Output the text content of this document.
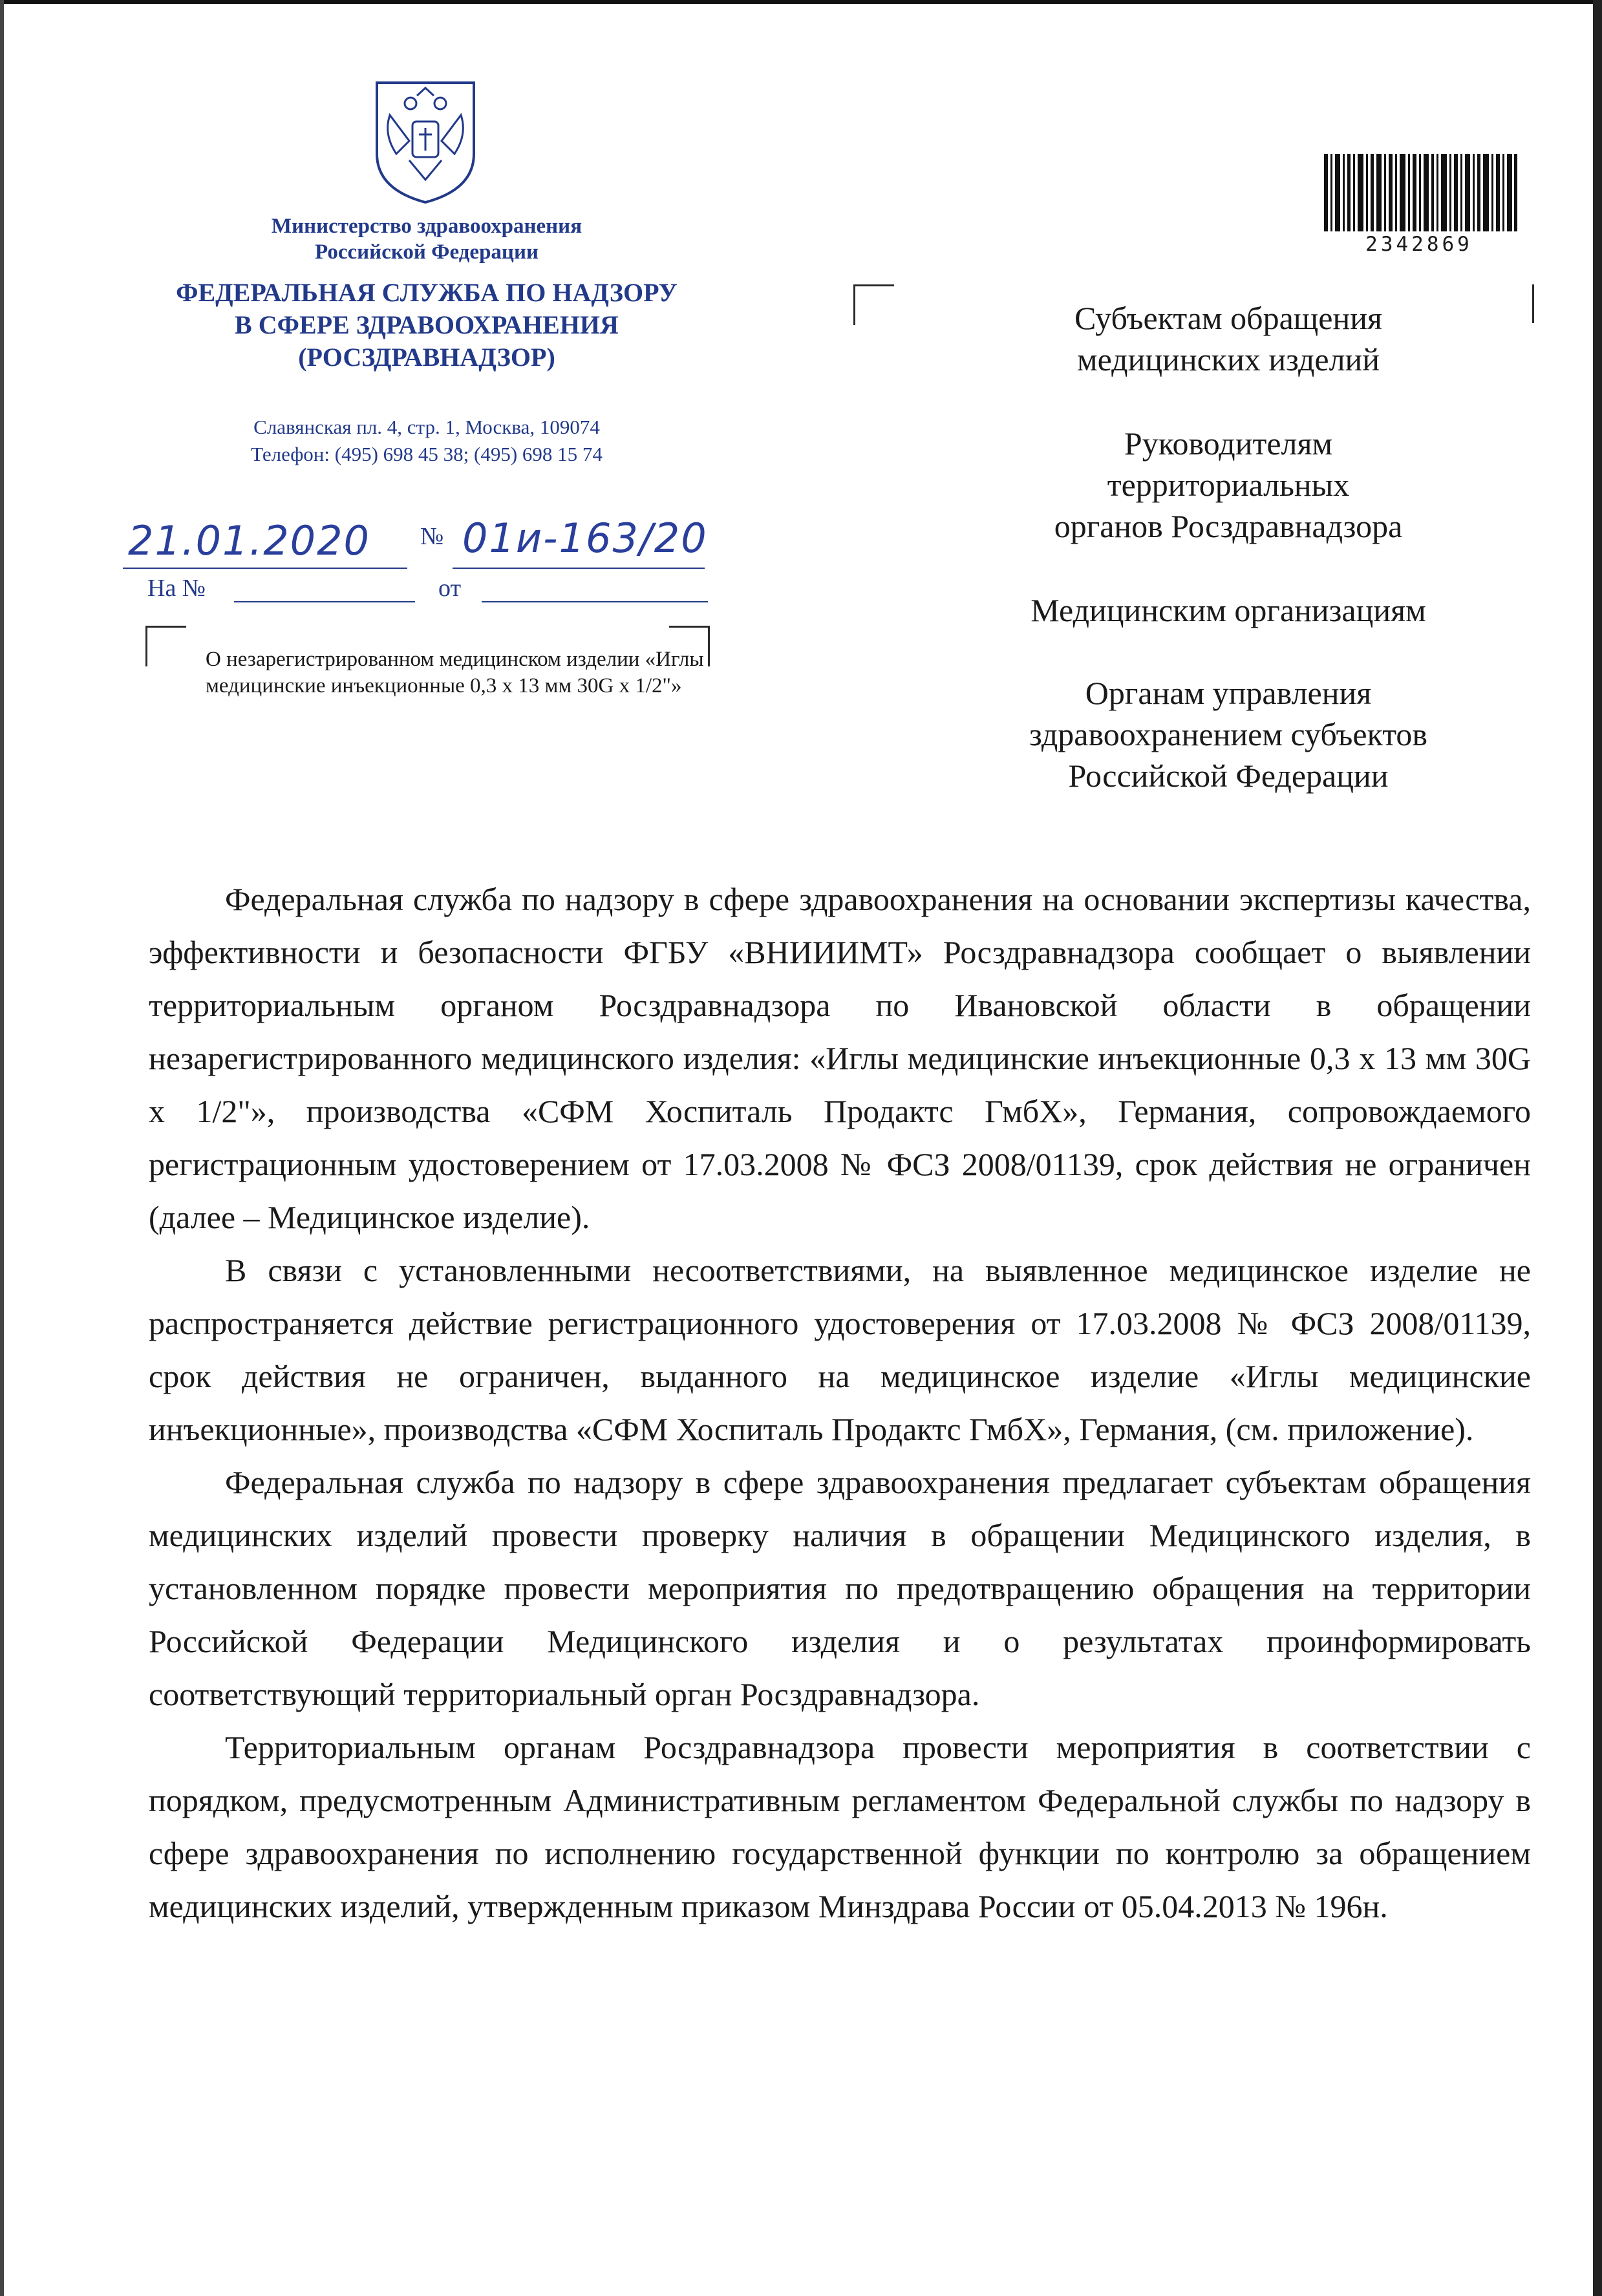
Министерство здравоохранения
Российской Федерации
ФЕДЕРАЛЬНАЯ СЛУЖБА ПО НАДЗОРУ
В СФЕРЕ ЗДРАВООХРАНЕНИЯ
(РОСЗДРАВНАДЗОР)
Славянская пл. 4, стр. 1, Москва, 109074
Телефон: (495) 698 45 38; (495) 698 15 74
21.01.2020 № 01и-163/20
На №	от
О незарегистрированном медицинском изделии «Иглы медицинские инъекционные 0,3 х 13 мм 30G х 1/2"»
2342869
Субъектам обращения
медицинских изделий
Руководителям
территориальных
органов Росздравнадзора
Медицинским организациям
Органам управления
здравоохранением субъектов
Российской Федерации

Федеральная служба по надзору в сфере здравоохранения на основании экспертизы качества, эффективности и безопасности ФГБУ «ВНИИИМТ» Росздравнадзора сообщает о выявлении территориальным органом Росздравнадзора по Ивановской области в обращении незарегистрированного медицинского изделия: «Иглы медицинские инъекционные 0,3 х 13 мм 30G х 1/2"», производства «СФМ Хоспиталь Продактс ГмбХ», Германия, сопровождаемого регистрационным удостоверением от 17.03.2008 № ФСЗ 2008/01139, срок действия не ограничен (далее – Медицинское изделие).

В связи с установленными несоответствиями, на выявленное медицинское изделие не распространяется действие регистрационного удостоверения от 17.03.2008 № ФСЗ 2008/01139, срок действия не ограничен, выданного на медицинское изделие «Иглы медицинские инъекционные», производства «СФМ Хоспиталь Продактс ГмбХ», Германия, (см. приложение).

Федеральная служба по надзору в сфере здравоохранения предлагает субъектам обращения медицинских изделий провести проверку наличия в обращении Медицинского изделия, в установленном порядке провести мероприятия по предотвращению обращения на территории Российской Федерации Медицинского изделия и о результатах проинформировать соответствующий территориальный орган Росздравнадзора.

Территориальным органам Росздравнадзора провести мероприятия в соответствии с порядком, предусмотренным Административным регламентом Федеральной службы по надзору в сфере здравоохранения по исполнению государственной функции по контролю за обращением медицинских изделий, утвержденным приказом Минздрава России от 05.04.2013 № 196н.
